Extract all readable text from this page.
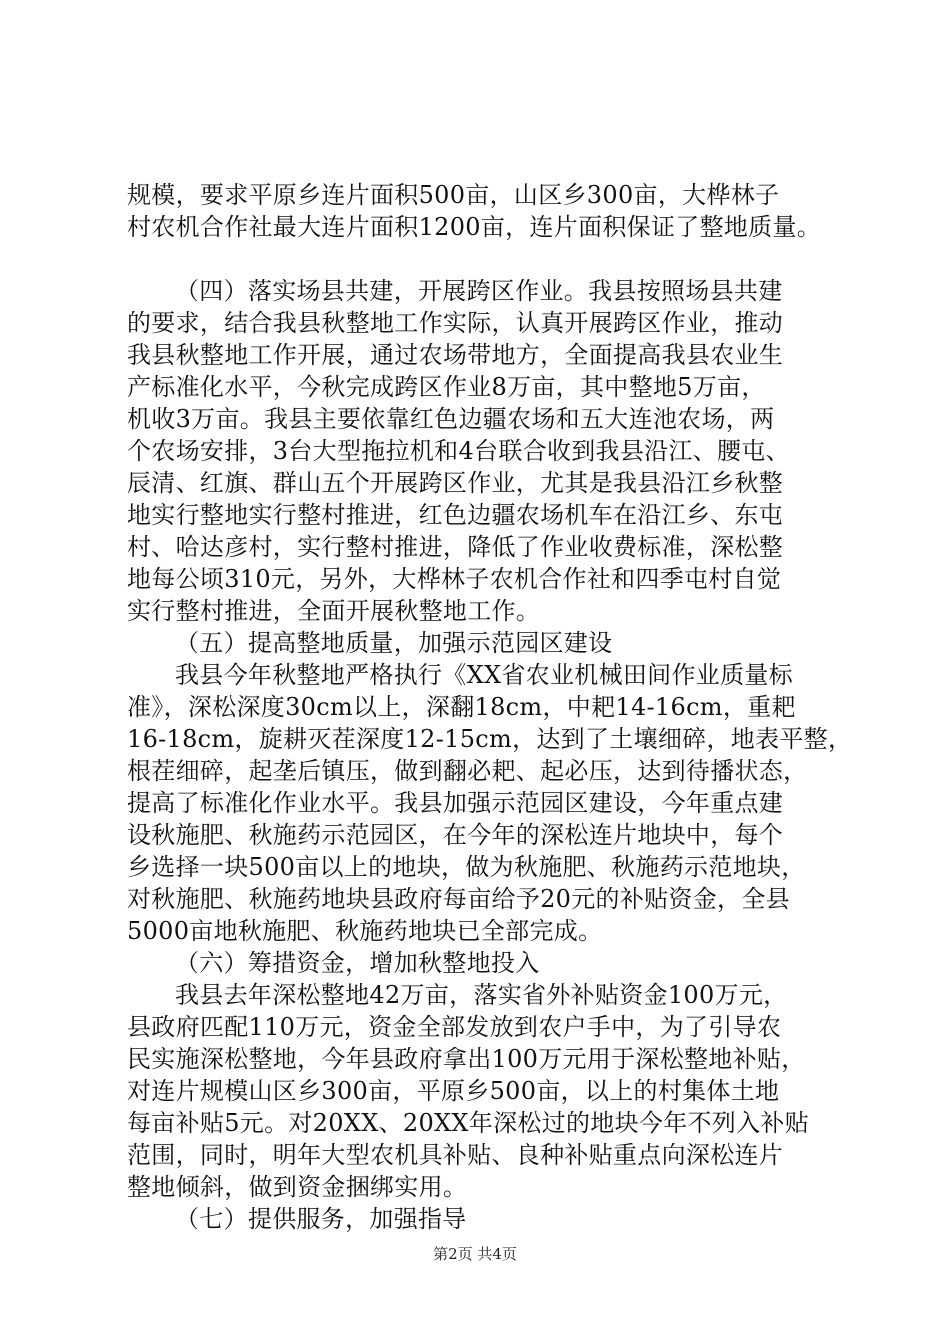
规模，要求平原乡连片面积500亩，山区乡300亩，大桦林子
村农机合作社最大连片面积1200亩，连片面积保证了整地质量。
（四）落实场县共建，开展跨区作业。我县按照场县共建
的要求，结合我县秋整地工作实际，认真开展跨区作业，推动
我县秋整地工作开展，通过农场带地方，全面提高我县农业生
产标准化水平，今秋完成跨区作业8万亩，其中整地5万亩，
机收3万亩。我县主要依靠红色边疆农场和五大连池农场，两
个农场安排，3台大型拖拉机和4台联合收到我县沿江、腰屯、
辰清、红旗、群山五个开展跨区作业，尤其是我县沿江乡秋整
地实行整地实行整村推进，红色边疆农场机车在沿江乡、东屯
村、哈达彦村，实行整村推进，降低了作业收费标准，深松整
地每公顷310元，另外，大桦林子农机合作社和四季屯村自觉
实行整村推进，全面开展秋整地工作。
（五）提高整地质量，加强示范园区建设
我县今年秋整地严格执行《XX省农业机械田间作业质量标
准》，深松深度30cm以上，深翻18cm，中耙14-16cm，重耙
16-18cm，旋耕灭茬深度12-15cm，达到了土壤细碎，地表平整，
根茬细碎，起垄后镇压，做到翻必耙、起必压，达到待播状态，
提高了标准化作业水平。我县加强示范园区建设，今年重点建
设秋施肥、秋施药示范园区，在今年的深松连片地块中，每个
乡选择一块500亩以上的地块，做为秋施肥、秋施药示范地块，
对秋施肥、秋施药地块县政府每亩给予20元的补贴资金，全县
5000亩地秋施肥、秋施药地块已全部完成。
（六）筹措资金，增加秋整地投入
我县去年深松整地42万亩，落实省外补贴资金100万元，
县政府匹配110万元，资金全部发放到农户手中，为了引导农
民实施深松整地，今年县政府拿出100万元用于深松整地补贴，
对连片规模山区乡300亩，平原乡500亩，以上的村集体土地
每亩补贴5元。对20XX、20XX年深松过的地块今年不列入补贴
范围，同时，明年大型农机具补贴、良种补贴重点向深松连片
整地倾斜，做到资金捆绑实用。
（七）提供服务，加强指导
第2页 共4页
